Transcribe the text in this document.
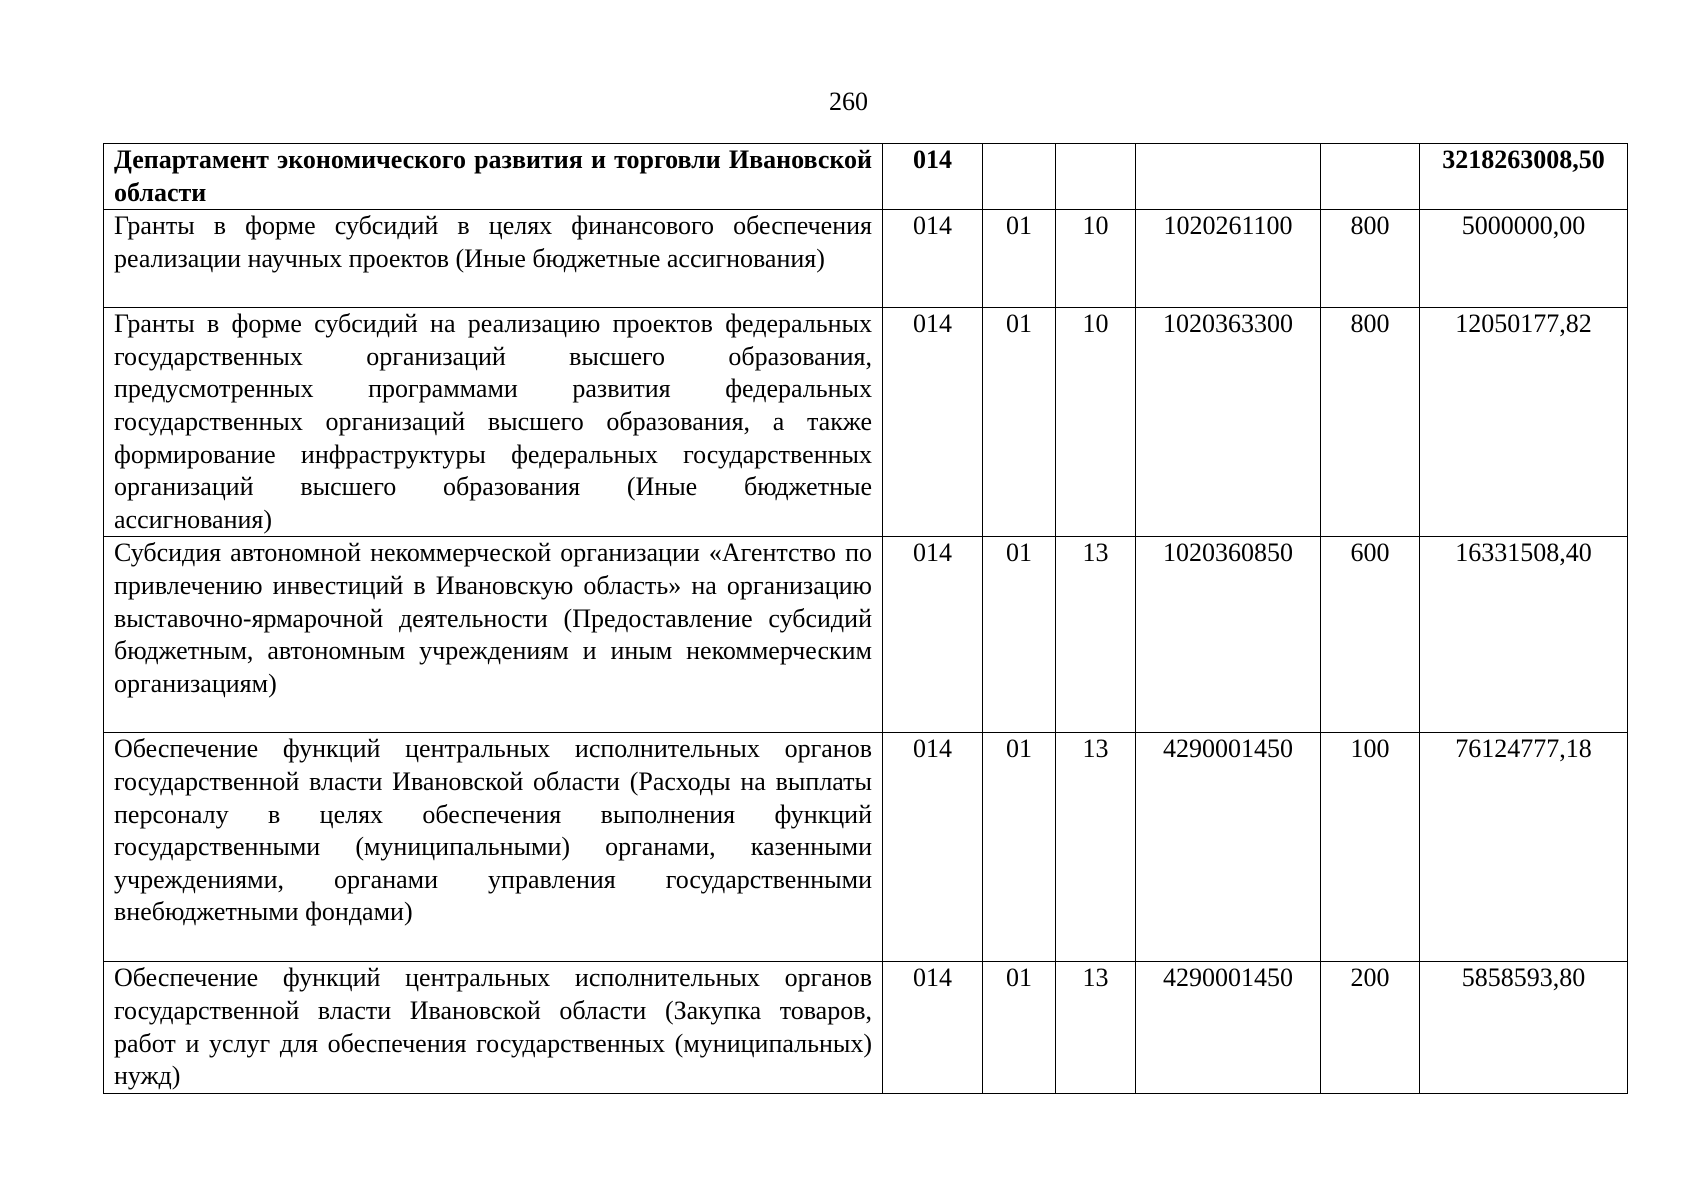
260
Департамент экономического развития и торговли Ивановской области	014					3218263008,50
Гранты в форме субсидий в целях финансового обеспечения реализации научных проектов (Иные бюджетные ассигнования)	014	01	10	1020261100	800	5000000,00
Гранты в форме субсидий на реализацию проектов федеральных государственных организаций высшего образования, предусмотренных программами развития федеральных государственных организаций высшего образования, а также формирование инфраструктуры федеральных государственных организаций высшего образования (Иные бюджетные ассигнования)	014	01	10	1020363300	800	12050177,82
Субсидия автономной некоммерческой организации «Агентство по привлечению инвестиций в Ивановскую область» на организацию выставочно-ярмарочной деятельности (Предоставление субсидий бюджетным, автономным учреждениям и иным некоммерческим организациям)	014	01	13	1020360850	600	16331508,40
Обеспечение функций центральных исполнительных органов государственной власти Ивановской области (Расходы на выплаты персоналу в целях обеспечения выполнения функций государственными (муниципальными) органами, казенными учреждениями, органами управления государственными внебюджетными фондами)	014	01	13	4290001450	100	76124777,18
Обеспечение функций центральных исполнительных органов государственной власти Ивановской области (Закупка товаров, работ и услуг для обеспечения государственных (муниципальных) нужд)	014	01	13	4290001450	200	5858593,80
